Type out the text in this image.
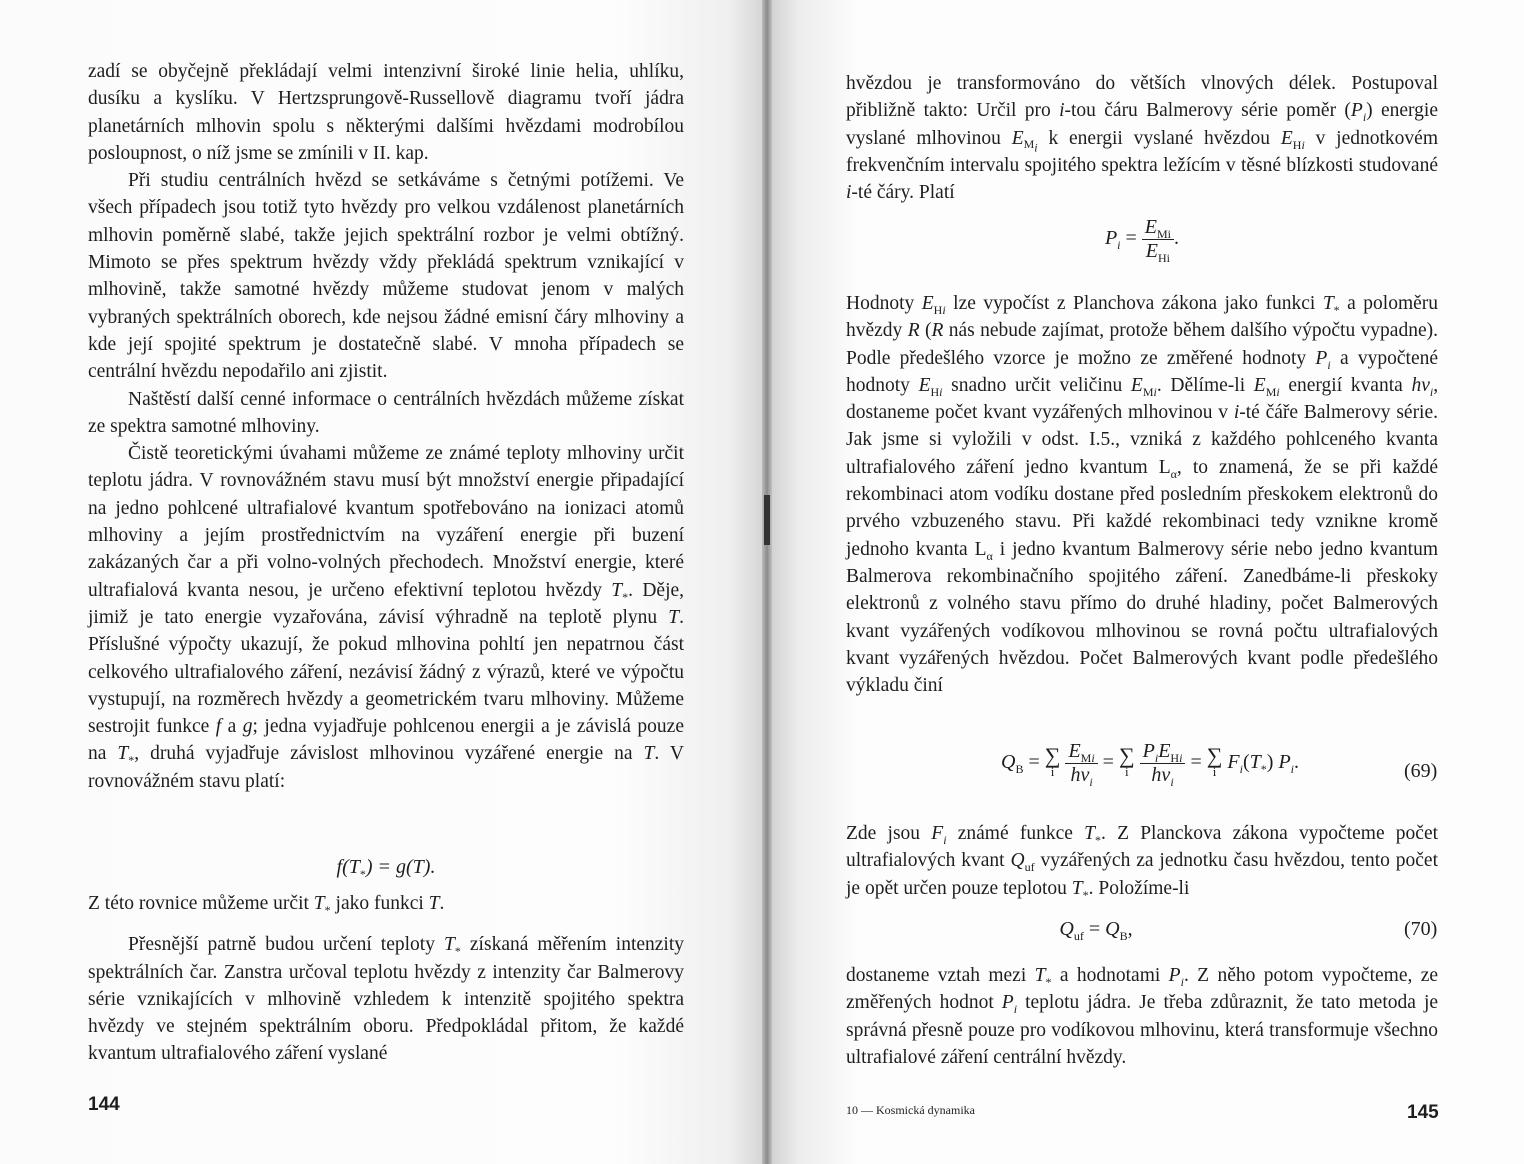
zadí se obyčejně překládají velmi intenzivní široké linie helia, uhlíku, dusíku a kyslíku. V Hertzsprungově-Russellově diagramu tvoří jádra planetárních mlhovin spolu s některými dalšími hvězdami modrobílou posloupnost, o níž jsme se zmínili v II. kap.

Při studiu centrálních hvězd se setkáváme s četnými potížemi. Ve všech případech jsou totiž tyto hvězdy pro velkou vzdálenost planetárních mlhovin poměrně slabé, takže jejich spektrální rozbor je velmi obtížný. Mimoto se přes spektrum hvězdy vždy překládá spektrum vznikající v mlhovině, takže samotné hvězdy můžeme studovat jenom v malých vybraných spektrálních oborech, kde nejsou žádné emisní čáry mlhoviny a kde její spojité spektrum je dostatečně slabé. V mnoha případech se centrální hvězdu nepodařilo ani zjistit.

Naštěstí další cenné informace o centrálních hvězdách můžeme získat ze spektra samotné mlhoviny.

Čistě teoretickými úvahami můžeme ze známé teploty mlhoviny určit teplotu jádra. V rovnovážném stavu musí být množství energie připadající na jedno pohlcené ultrafialové kvantum spotřebováno na ionizaci atomů mlhoviny a jejím prostřednictvím na vyzáření energie při buzení zakázaných čar a při volno-volných přechodech. Množství energie, které ultrafialová kvanta nesou, je určeno efektivní teplotou hvězdy $T_*$. Děje, jimiž je tato energie vyzařována, závisí výhradně na teplotě plynu T. Příslušné výpočty ukazují, že pokud mlhovina pohltí jen nepatrnou část celkového ultrafialového záření, nezávisí žádný z výrazů, které ve výpočtu vystupují, na rozměrech hvězdy a geometrickém tvaru mlhoviny. Můžeme sestrojit funkce f a g; jedna vyjadřuje pohlcenou energii a je závislá pouze na $T_*$, druhá vyjadřuje závislost mlhovinou vyzářené energie na T. V rovnovážném stavu platí:

$f(T_*) = g(T)$.

Z této rovnice můžeme určit $T_*$ jako funkci T.

Přesnější patrně budou určení teploty $T_*$ získaná měřením intenzity spektrálních čar. Zanstra určoval teplotu hvězdy z intenzity čar Balmerovy série vznikajících v mlhovině vzhledem k intenzitě spojitého spektra hvězdy ve stejném spektrálním oboru. Předpokládal přitom, že každé kvantum ultrafialového záření vyslané

144

hvězdou je transformováno do větších vlnových délek. Postupoval přibližně takto: Určil pro i-tou čáru Balmerovy série poměr $(P_i)$ energie vyslané mlhovinou $E_{M_i}$ k energii vyslané hvězdou $E_{Hi}$ v jednotkovém frekvenčním intervalu spojitého spektra ležícím v těsné blízkosti studované i-té čáry. Platí

$P_i = \frac{E_{Mi}}{E_{Hi}}$ .

Hodnoty $E_{Hi}$ lze vypočíst z Planchova zákona jako funkci $T_*$ a poloměru hvězdy R (R nás nebude zajímat, protože během dalšího výpočtu vypadne). Podle předešlého vzorce je možno ze změřené hodnoty $P_i$ a vypočtené hodnoty $E_{Hi}$ snadno určit veličinu $E_{Mi}$. Dělíme-li $E_{Mi}$ energií kvanta $h\nu_i$, dostaneme počet kvant vyzářených mlhovinou v i-té čáře Balmerovy série. Jak jsme si vyložili v odst. I.5., vzniká z každého pohlceného kvanta ultrafialového záření jedno kvantum $L_\alpha$, to znamená, že se při každé rekombinaci atom vodíku dostane před posledním přeskokem elektronů do prvého vzbuzeného stavu. Při každé rekombinaci tedy vznikne kromě jednoho kvanta $L_\alpha$ i jedno kvantum Balmerovy série nebo jedno kvantum Balmerova rekombinačního spojitého záření. Zanedbáme-li přeskoky elektronů z volného stavu přímo do druhé hladiny, počet Balmerových kvant vyzářených vodíkovou mlhovinou se rovná počtu ultrafialových kvant vyzářených hvězdou. Počet Balmerových kvant podle předešlého výkladu činí

$Q_B$ = ∑
i
$\frac{E_{Mi}}{h\nu_i}$ = ∑
i
$\frac{P_iE_{Hi}}{h\nu_i}$ = ∑
i $F_i(T_*)$ $P_i$.	(69)

Zde jsou $F_i$ známé funkce $T_*$. Z Planckova zákona vypočteme počet ultrafialových kvant $Q_{uf}$ vyzářených za jednotku času hvězdou, tento počet je opět určen pouze teplotou $T_*$. Položíme-li

$Q_{uf} = Q_B$,	(70)

dostaneme vztah mezi $T_*$ a hodnotami $P_i$. Z něho potom vypočteme, ze změřených hodnot $P_i$ teplotu jádra. Je třeba zdůraznit, že tato metoda je správná přesně pouze pro vodíkovou mlhovinu, která transformuje všechno ultrafialové záření centrální hvězdy.

10 — Kosmická dynamika	145
